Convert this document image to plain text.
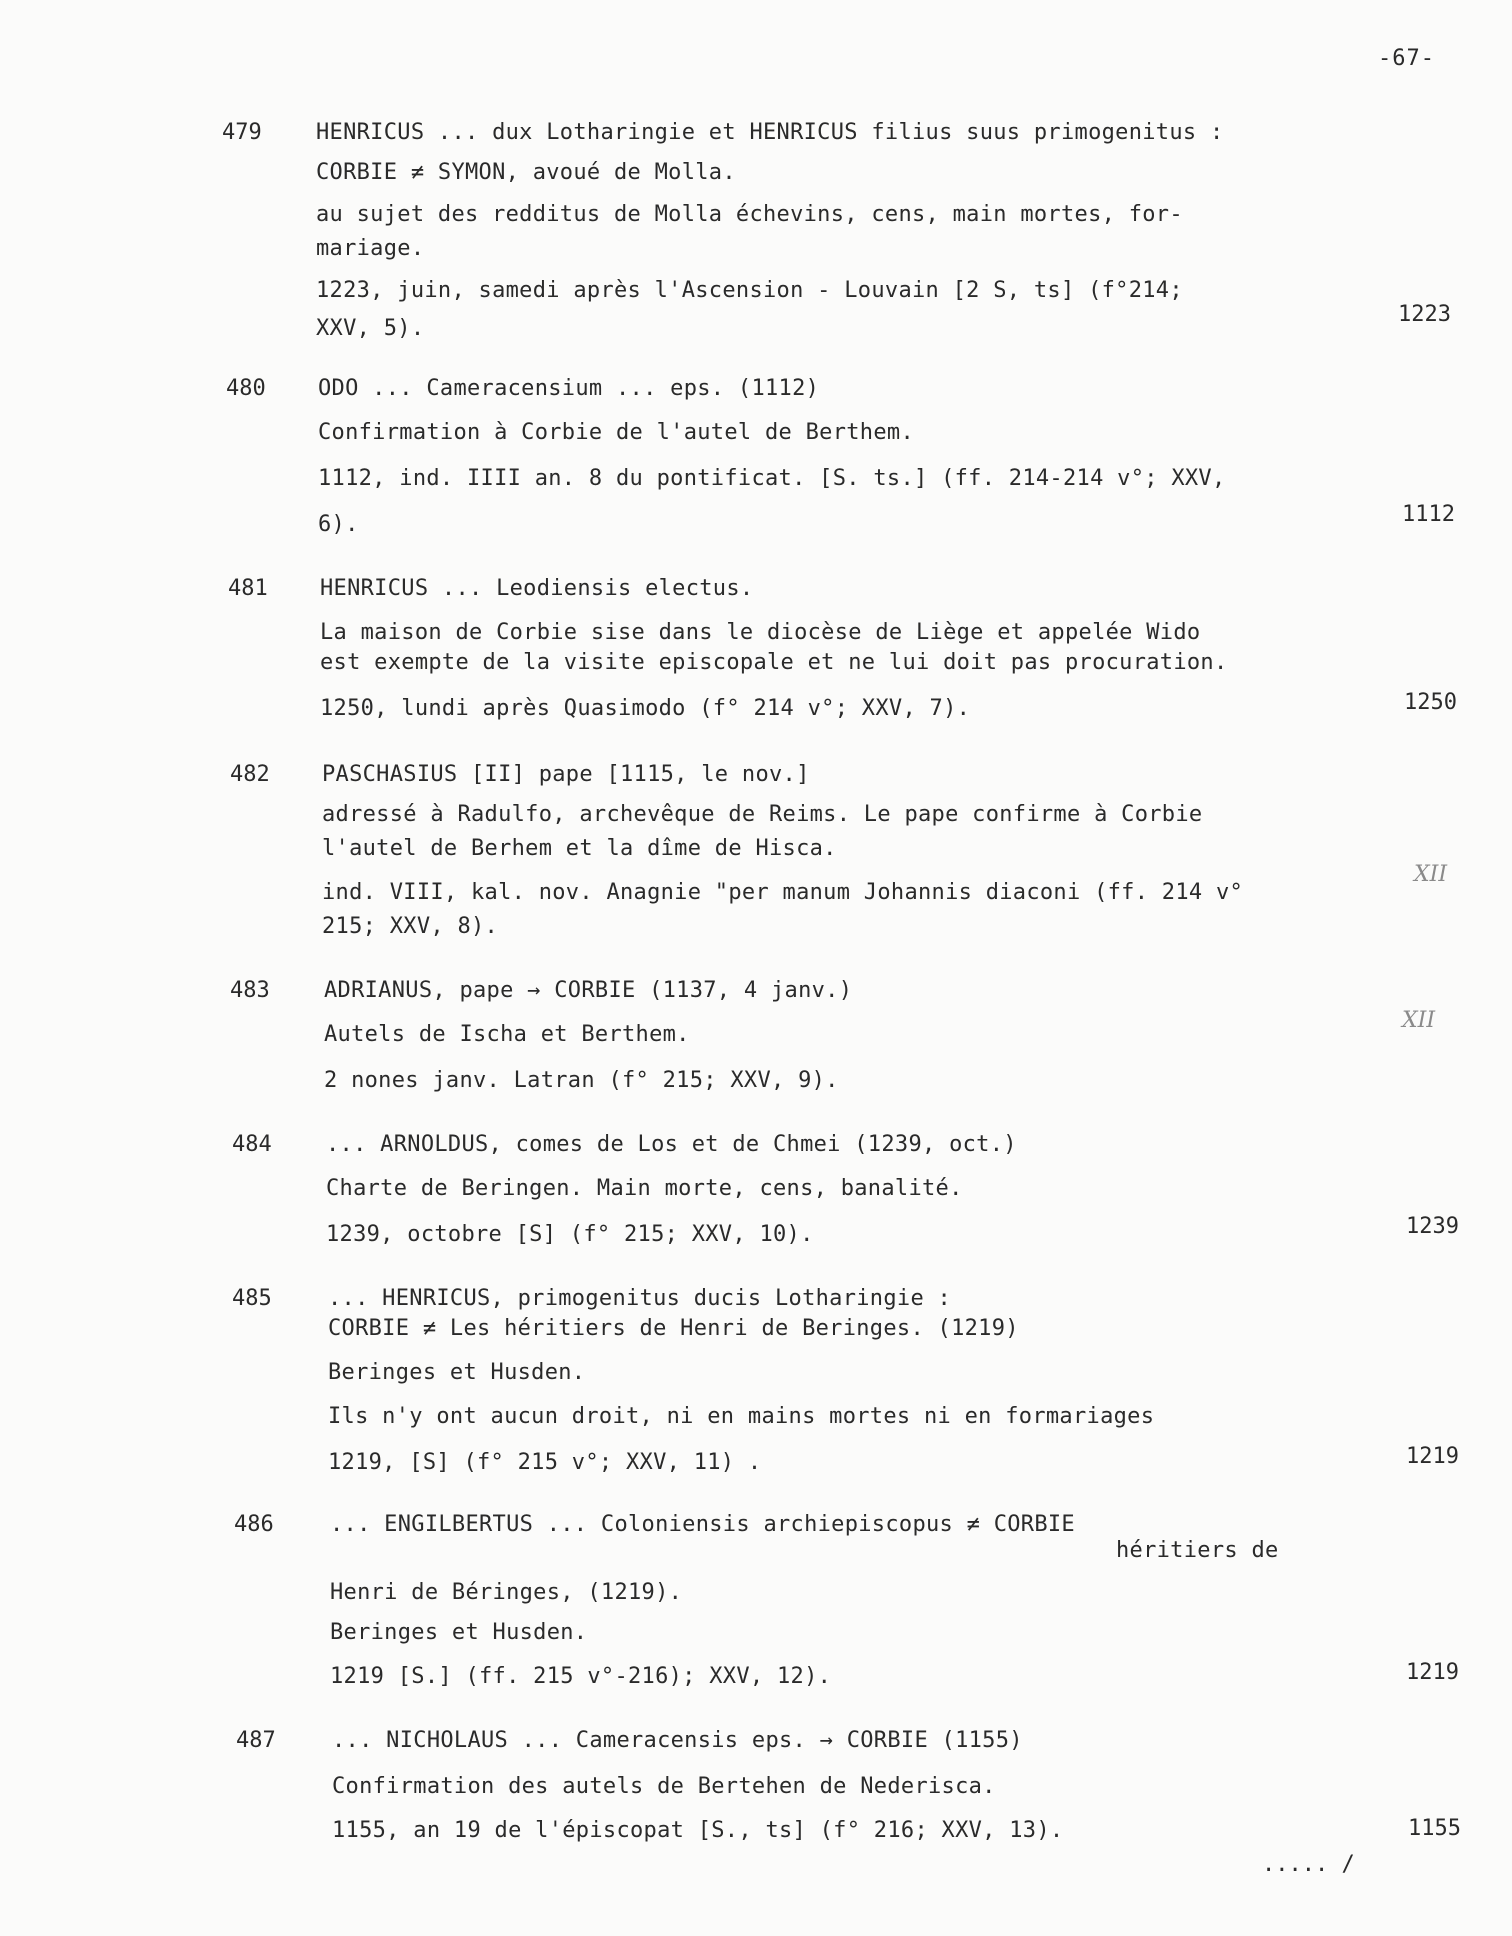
-67-
479 HENRICUS ... dux Lotharingie et HENRICUS filius suus primogenitus :
CORBIE ≠ SYMON, avoué de Molla.
au sujet des redditus de Molla échevins, cens, main mortes, for-
mariage.
1223, juin, samedi après l'Ascension - Louvain [2 S, ts] (f°214;
XXV, 5).
1223
480 ODO ... Cameracensium ... eps. (1112)
Confirmation à Corbie de l'autel de Berthem.
1112, ind. IIII an. 8 du pontificat. [S. ts.] (ff. 214-214 v°; XXV,
6).	1112
481 HENRICUS ... Leodiensis electus.
La maison de Corbie sise dans le diocèse de Liège et appelée Wido
est exempte de la visite episcopale et ne lui doit pas procuration.
1250, lundi après Quasimodo (f° 214 v°; XXV, 7).	1250
482 PASCHASIUS [II] pape [1115, le nov.]
adressé à Radulfo, archevêque de Reims. Le pape confirme à Corbie
l'autel de Berhem et la dîme de Hisca.
ind. VIII, kal. nov. Anagnie "per manum Johannis diaconi (ff. 214 v°
215; XXV, 8).
XII
483 ADRIANUS, pape → CORBIE (1137, 4 janv.)
Autels de Ischa et Berthem.
2 nones janv. Latran (f° 215; XXV, 9).
XII
484 ... ARNOLDUS, comes de Los et de Chmei (1239, oct.)
Charte de Beringen. Main morte, cens, banalité.
1239, octobre [S] (f° 215; XXV, 10).	1239
485	... HENRICUS, primogenitus ducis Lotharingie :
CORBIE ≠ Les héritiers de Henri de Beringes. (1219)
Beringes et Husden.
Ils n'y ont aucun droit, ni en mains mortes ni en formariages
1219, [S] (f° 215 v°; XXV, 11) .	1219
486	... ENGILBERTUS ... Coloniensis archiepiscopus ≠ CORBIE
héritiers de
Henri de Béringes, (1219).
Beringes et Husden.
1219 [S.] (ff. 215 v°-216); XXV, 12).	1219
487	... NICHOLAUS ... Cameracensis eps. → CORBIE (1155)
Confirmation des autels de Bertehen de Nederisca.
1155, an 19 de l'épiscopat [S., ts] (f° 216; XXV, 13).	1155
..... /
